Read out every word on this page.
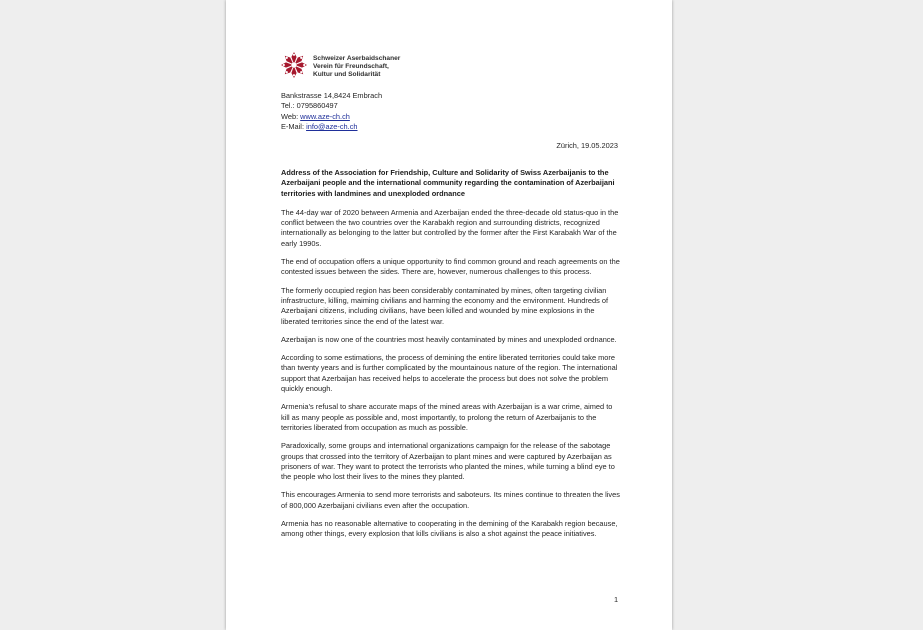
Schweizer Aserbaidschaner
Verein für Freundschaft,
Kultur und Solidarität
Bankstrasse 14,8424 Embrach
Tel.: 0795860497
Web: www.aze-ch.ch
E-Mail: info@aze-ch.ch
Zürich, 19.05.2023

Address of the Association for Friendship, Culture and Solidarity of Swiss Azerbaijanis to the Azerbaijani people and the international community regarding the contamination of Azerbaijani territories with landmines and unexploded ordnance

The 44-day war of 2020 between Armenia and Azerbaijan ended the three-decade old status-quo in the conflict between the two countries over the Karabakh region and surrounding districts, recognized internationally as belonging to the latter but controlled by the former after the First Karabakh War of the early 1990s.

The end of occupation offers a unique opportunity to find common ground and reach agreements on the contested issues between the sides. There are, however, numerous challenges to this process.

The formerly occupied region has been considerably contaminated by mines, often targeting civilian infrastructure, killing, maiming civilians and harming the economy and the environment. Hundreds of Azerbaijani citizens, including civilians, have been killed and wounded by mine explosions in the liberated territories since the end of the latest war.

Azerbaijan is now one of the countries most heavily contaminated by mines and unexploded ordnance.

According to some estimations, the process of demining the entire liberated territories could take more than twenty years and is further complicated by the mountainous nature of the region. The international support that Azerbaijan has received helps to accelerate the process but does not solve the problem quickly enough.

Armenia’s refusal to share accurate maps of the mined areas with Azerbaijan is a war crime, aimed to kill as many people as possible and, most importantly, to prolong the return of Azerbaijanis to the territories liberated from occupation as much as possible.

Paradoxically, some groups and international organizations campaign for the release of the sabotage groups that crossed into the territory of Azerbaijan to plant mines and were captured by Azerbaijan as prisoners of war. They want to protect the terrorists who planted the mines, while turning a blind eye to the people who lost their lives to the mines they planted.

This encourages Armenia to send more terrorists and saboteurs. Its mines continue to threaten the lives of 800,000 Azerbaijani civilians even after the occupation.

Armenia has no reasonable alternative to cooperating in the demining of the Karabakh region because, among other things, every explosion that kills civilians is also a shot against the peace initiatives.

1
